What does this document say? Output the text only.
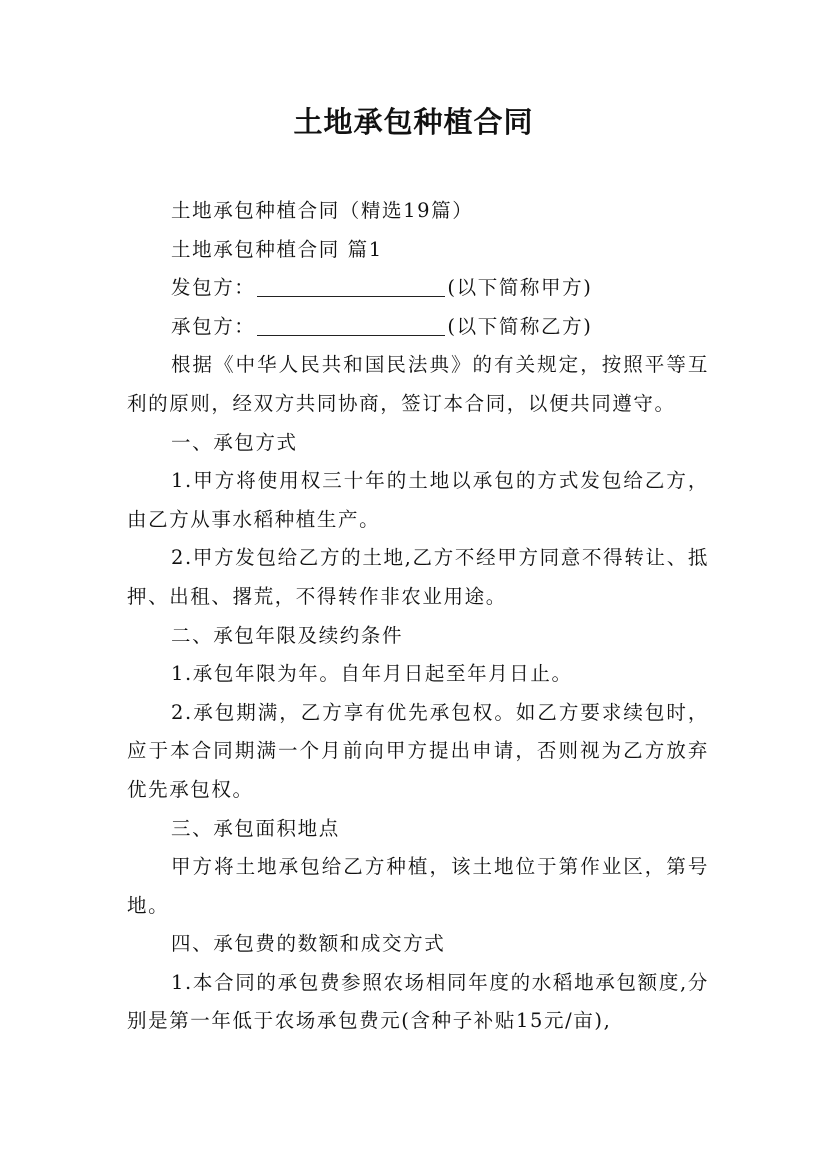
土地承包种植合同

土地承包种植合同（精选19篇）

土地承包种植合同 篇1

发包方：	(以下简称甲方)

承包方：	(以下简称乙方)

根据《中华人民共和国民法典》的有关规定，按照平等互利的原则，经双方共同协商，签订本合同，以便共同遵守。

一、承包方式

1.甲方将使用权三十年的土地以承包的方式发包给乙方，由乙方从事水稻种植生产。

2.甲方发包给乙方的土地,乙方不经甲方同意不得转让、抵押、出租、撂荒，不得转作非农业用途。

二、承包年限及续约条件

1.承包年限为年。自年月日起至年月日止。

2.承包期满，乙方享有优先承包权。如乙方要求续包时，应于本合同期满一个月前向甲方提出申请，否则视为乙方放弃优先承包权。

三、承包面积地点

甲方将土地承包给乙方种植，该土地位于第作业区，第号地。

四、承包费的数额和成交方式

1.本合同的承包费参照农场相同年度的水稻地承包额度,分别是第一年低于农场承包费元(含种子补贴15元/亩),
